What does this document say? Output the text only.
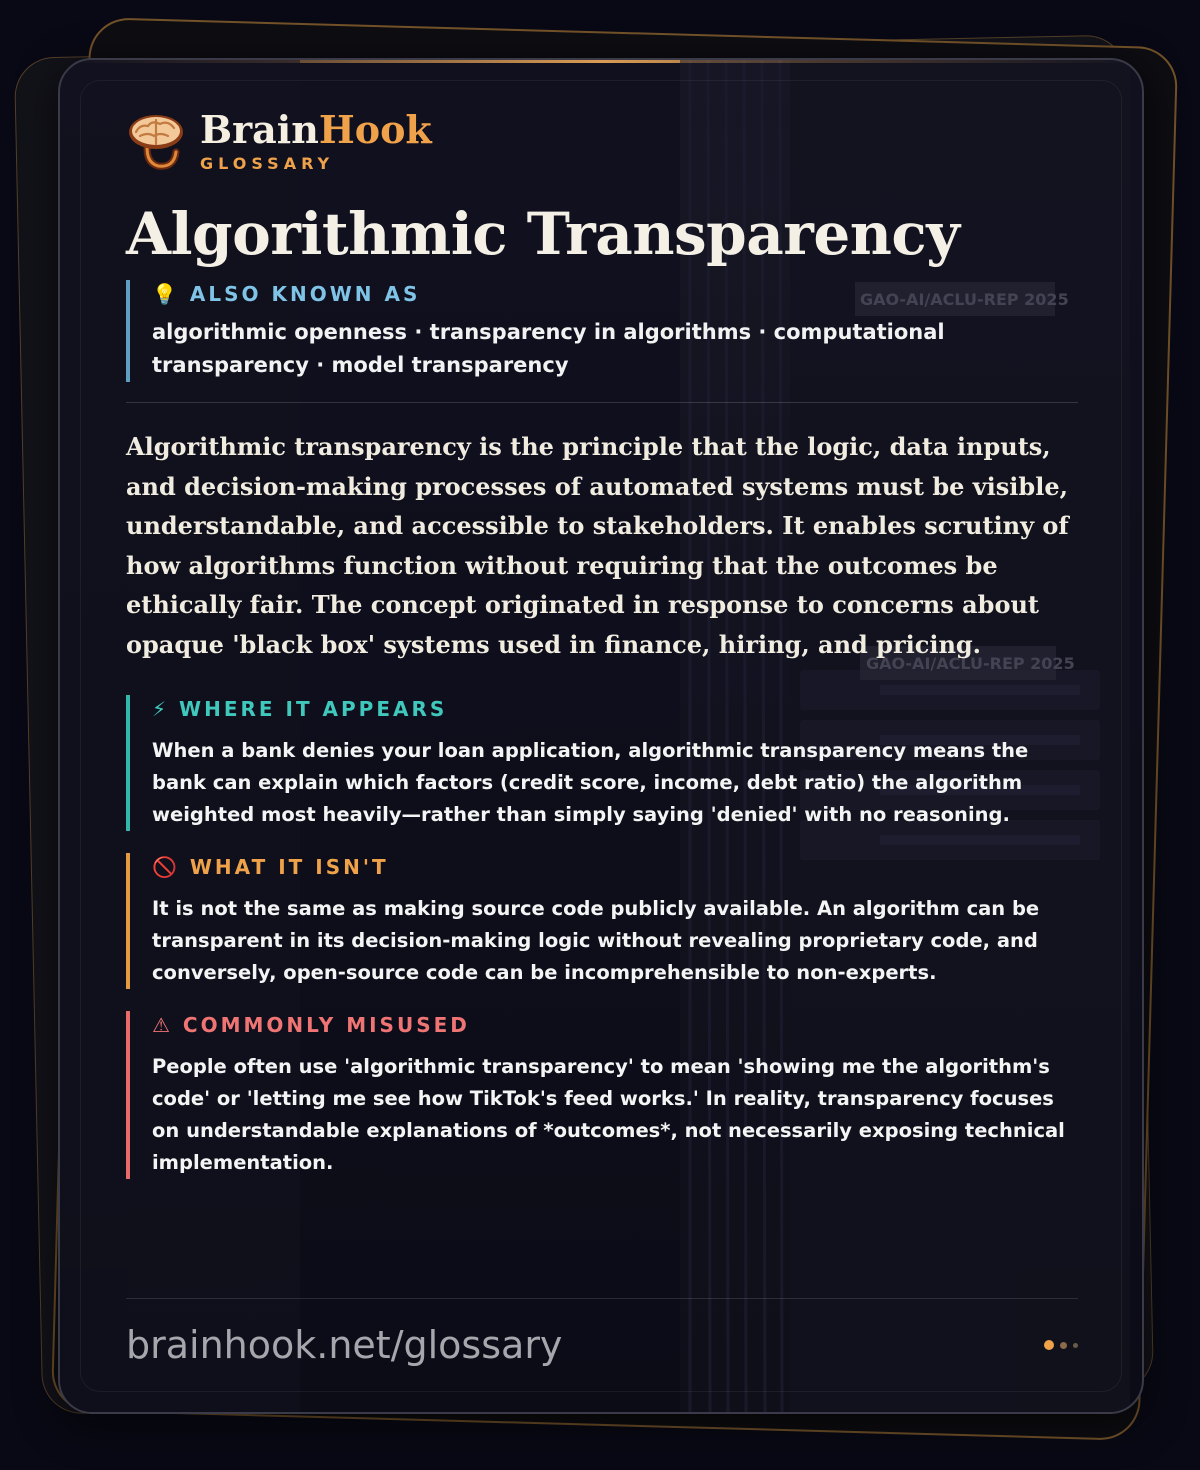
GAO-AI/ACLU-REP 2025
GAO-AI/ACLU-REP 2025
BrainHook
GLOSSARY
Algorithmic Transparency
💡 ALSO KNOWN AS
algorithmic openness · transparency in algorithms · computational transparency · model transparency
Algorithmic transparency is the principle that the logic, data inputs, and decision-making processes of automated systems must be visible, understandable, and accessible to stakeholders. It enables scrutiny of how algorithms function without requiring that the outcomes be ethically fair. The concept originated in response to concerns about opaque 'black box' systems used in finance, hiring, and pricing.
⚡ WHERE IT APPEARS
When a bank denies your loan application, algorithmic transparency means the bank can explain which factors (credit score, income, debt ratio) the algorithm weighted most heavily—rather than simply saying 'denied' with no reasoning.
🚫 WHAT IT ISN'T
It is not the same as making source code publicly available. An algorithm can be transparent in its decision-making logic without revealing proprietary code, and conversely, open-source code can be incomprehensible to non-experts.
⚠ COMMONLY MISUSED
People often use 'algorithmic transparency' to mean 'showing me the algorithm's code' or 'letting me see how TikTok's feed works.' In reality, transparency focuses on understandable explanations of *outcomes*, not necessarily exposing technical implementation.
brainhook.net/glossary
